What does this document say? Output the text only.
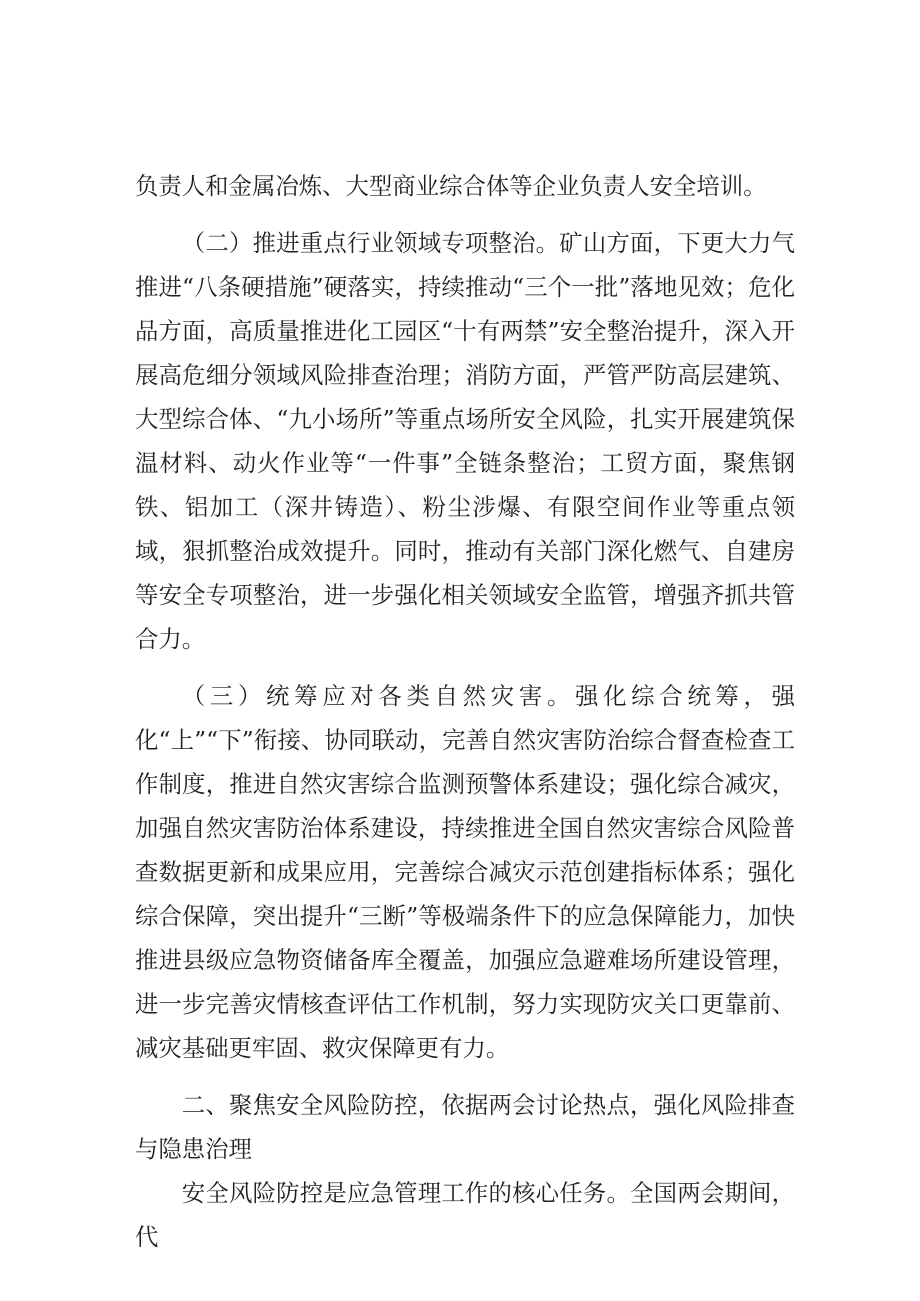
负责人和金属冶炼、大型商业综合体等企业负责人安全培训。

（二）推进重点行业领域专项整治。矿山方面，下更大力气推进“八条硬措施”硬落实，持续推动“三个一批”落地见效；危化品方面，高质量推进化工园区“十有两禁”安全整治提升，深入开展高危细分领域风险排查治理；消防方面，严管严防高层建筑、大型综合体、“九小场所”等重点场所安全风险，扎实开展建筑保温材料、动火作业等“一件事”全链条整治；工贸方面，聚焦钢铁、铝加工（深井铸造）、粉尘涉爆、有限空间作业等重点领域，狠抓整治成效提升。同时，推动有关部门深化燃气、自建房等安全专项整治，进一步强化相关领域安全监管，增强齐抓共管合力。

（三）统筹应对各类自然灾害。强化综合统筹，强化“上”“下”衔接、协同联动，完善自然灾害防治综合督查检查工作制度，推进自然灾害综合监测预警体系建设；强化综合减灾，加强自然灾害防治体系建设，持续推进全国自然灾害综合风险普查数据更新和成果应用，完善综合减灾示范创建指标体系；强化综合保障，突出提升“三断”等极端条件下的应急保障能力，加快推进县级应急物资储备库全覆盖，加强应急避难场所建设管理，进一步完善灾情核查评估工作机制，努力实现防灾关口更靠前、减灾基础更牢固、救灾保障更有力。

二、聚焦安全风险防控，依据两会讨论热点，强化风险排查与隐患治理

安全风险防控是应急管理工作的核心任务。全国两会期间，代
